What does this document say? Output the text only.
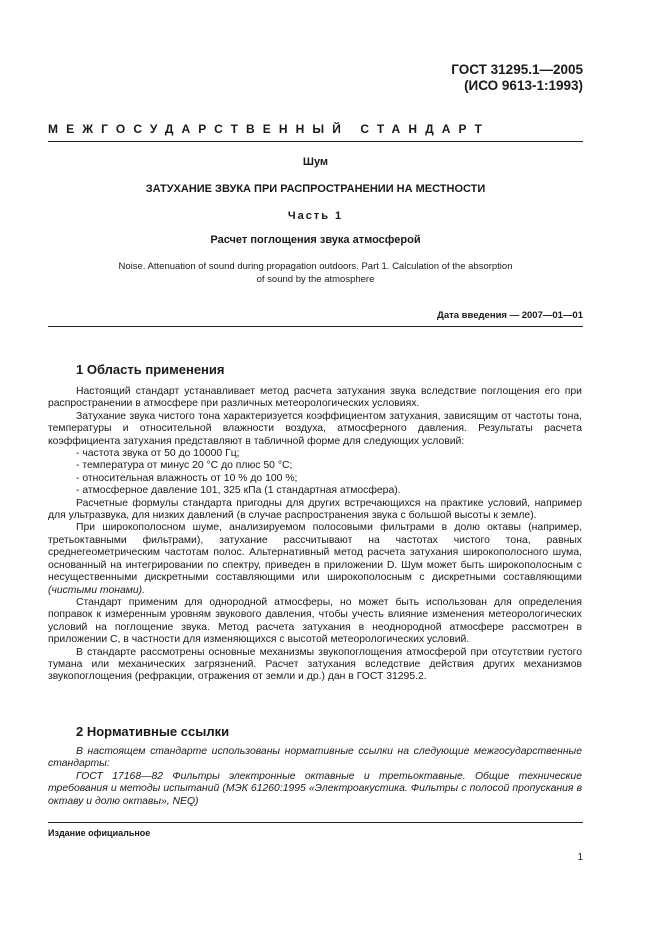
ГОСТ 31295.1—2005
(ИСО 9613-1:1993)
МЕЖГОСУДАРСТВЕННЫЙ СТАНДАРТ
Шум
ЗАТУХАНИЕ ЗВУКА ПРИ РАСПРОСТРАНЕНИИ НА МЕСТНОСТИ
Часть 1
Расчет поглощения звука атмосферой
Noise. Attenuation of sound during propagation outdoors. Part 1. Calculation of the absorption
of sound by the atmosphere
Дата введения — 2007—01—01
1 Область применения

Настоящий стандарт устанавливает метод расчета затухания звука вследствие поглощения его при распространении в атмосфере при различных метеорологических условиях.

Затухание звука чистого тона характеризуется коэффициентом затухания, зависящим от частоты тона, температуры и относительной влажности воздуха, атмосферного давления. Результаты расчета коэффициента затухания представляют в табличной форме для следующих условий:

- частота звука от 50 до 10000 Гц;
- температура от минус 20 °С до плюс 50 °С;
- относительная влажность от 10 % до 100 %;
- атмосферное давление 101, 325 кПа (1 стандартная атмосфера).

Расчетные формулы стандарта пригодны для других встречающихся на практике условий, например для ультразвука, для низких давлений (в случае распространения звука с большой высоты к земле).

При широкополосном шуме, анализируемом полосовыми фильтрами в долю октавы (например, третьоктавными фильтрами), затухание рассчитывают на частотах чистого тона, равных среднегеометрическим частотам полос. Альтернативный метод расчета затухания широкополосного шума, основанный на интегрировании по спектру, приведен в приложении D. Шум может быть широкополосным с несущественными дискретными составляющими или широкополосным с дискретными составляющими (чистыми тонами).

Стандарт применим для однородной атмосферы, но может быть использован для определения поправок к измеренным уровням звукового давления, чтобы учесть влияние изменения метеорологических условий на поглощение звука. Метод расчета затухания в неоднородной атмосфере рассмотрен в приложении С, в частности для изменяющихся с высотой метеорологических условий.

В стандарте рассмотрены основные механизмы звукопоглощения атмосферой при отсутствии густого тумана или механических загрязнений. Расчет затухания вследствие действия других механизмов звукопоглощения (рефракции, отражения от земли и др.) дан в ГОСТ 31295.2.

2 Нормативные ссылки

В настоящем стандарте использованы нормативные ссылки на следующие межгосударственные стандарты:

ГОСТ 17168—82 Фильтры электронные октавные и третьоктавные. Общие технические требования и методы испытаний (МЭК 61260:1995 «Электроакустика. Фильтры с полосой пропускания в октаву и долю октавы», NEQ)

Издание официальное
1
